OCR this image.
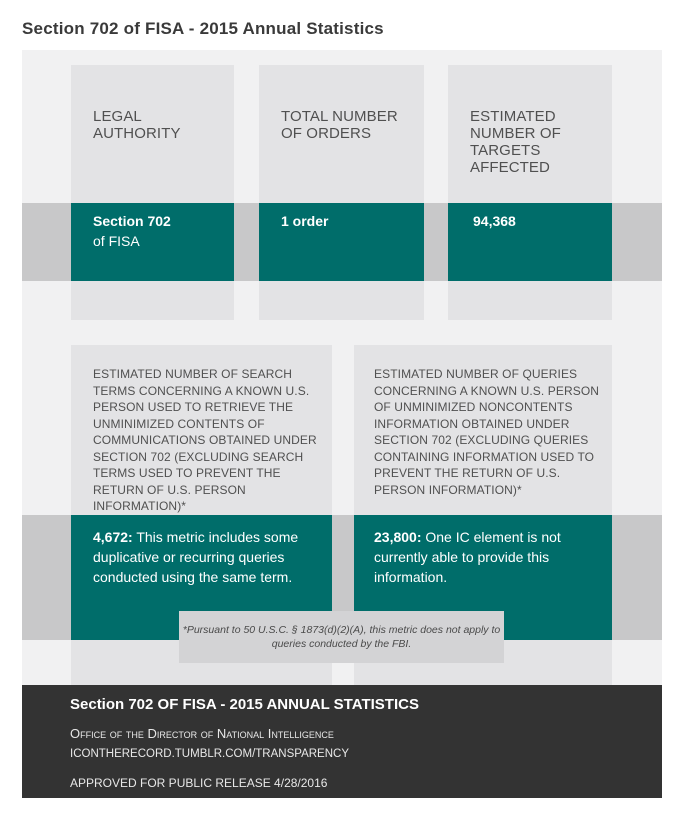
Section 702 of FISA - 2015 Annual Statistics
LEGAL AUTHORITY
TOTAL NUMBER OF ORDERS
ESTIMATED NUMBER OF TARGETS AFFECTED
Section 702
of FISA
1 order	94,368
ESTIMATED NUMBER OF SEARCH TERMS CONCERNING A KNOWN U.S. PERSON USED TO RETRIEVE THE UNMINIMIZED CONTENTS OF COMMUNICATIONS OBTAINED UNDER SECTION 702 (EXCLUDING SEARCH TERMS USED TO PREVENT THE RETURN OF U.S. PERSON INFORMATION)*
ESTIMATED NUMBER OF QUERIES CONCERNING A KNOWN U.S. PERSON OF UNMINIMIZED NONCONTENTS INFORMATION OBTAINED UNDER SECTION 702 (EXCLUDING QUERIES CONTAINING INFORMATION USED TO PREVENT THE RETURN OF U.S. PERSON INFORMATION)*
4,672: This metric includes some duplicative or recurring queries conducted using the same term.
23,800: One IC element is not currently able to provide this information.
*Pursuant to 50 U.S.C. § 1873(d)(2)(A), this metric does not apply to queries conducted by the FBI.
Section 702 OF FISA - 2015 ANNUAL STATISTICS
Office of the Director of National Intelligence
ICONTHERECORD.TUMBLR.COM/TRANSPARENCY
APPROVED FOR PUBLIC RELEASE 4/28/2016
